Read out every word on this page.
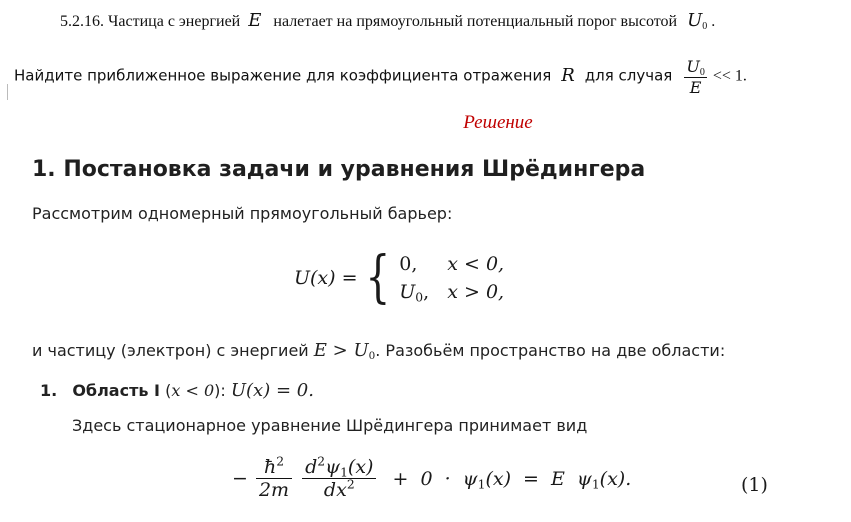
5.2.16. Частица с энергией E налетает на прямоугольный потенциальный порог высотой $U_0$ .
Найдите приближенное выражение для коэффициента отражения R для случая $\frac{U_0}{E} << 1$.
Решение
1. Постановка задачи и уравнения Шрёдингера
Рассмотрим одномерный прямоугольный барьер:
U(x) = { 0, x < 0,
$U_0$, x > 0,
и частицу (электрон) с энергией $E > U_0$. Разобьём пространство на две области:
1. Область I (x < 0): U(x) = 0.
Здесь стационарное уравнение Шрёдингера принимает вид
− $\frac{ħ^2}{2m}$
$\frac{d^2\psi_1(x)}{dx^2} + 0 \cdot \psi_1(x) = E$ $\psi_1(x)$.	(1)
